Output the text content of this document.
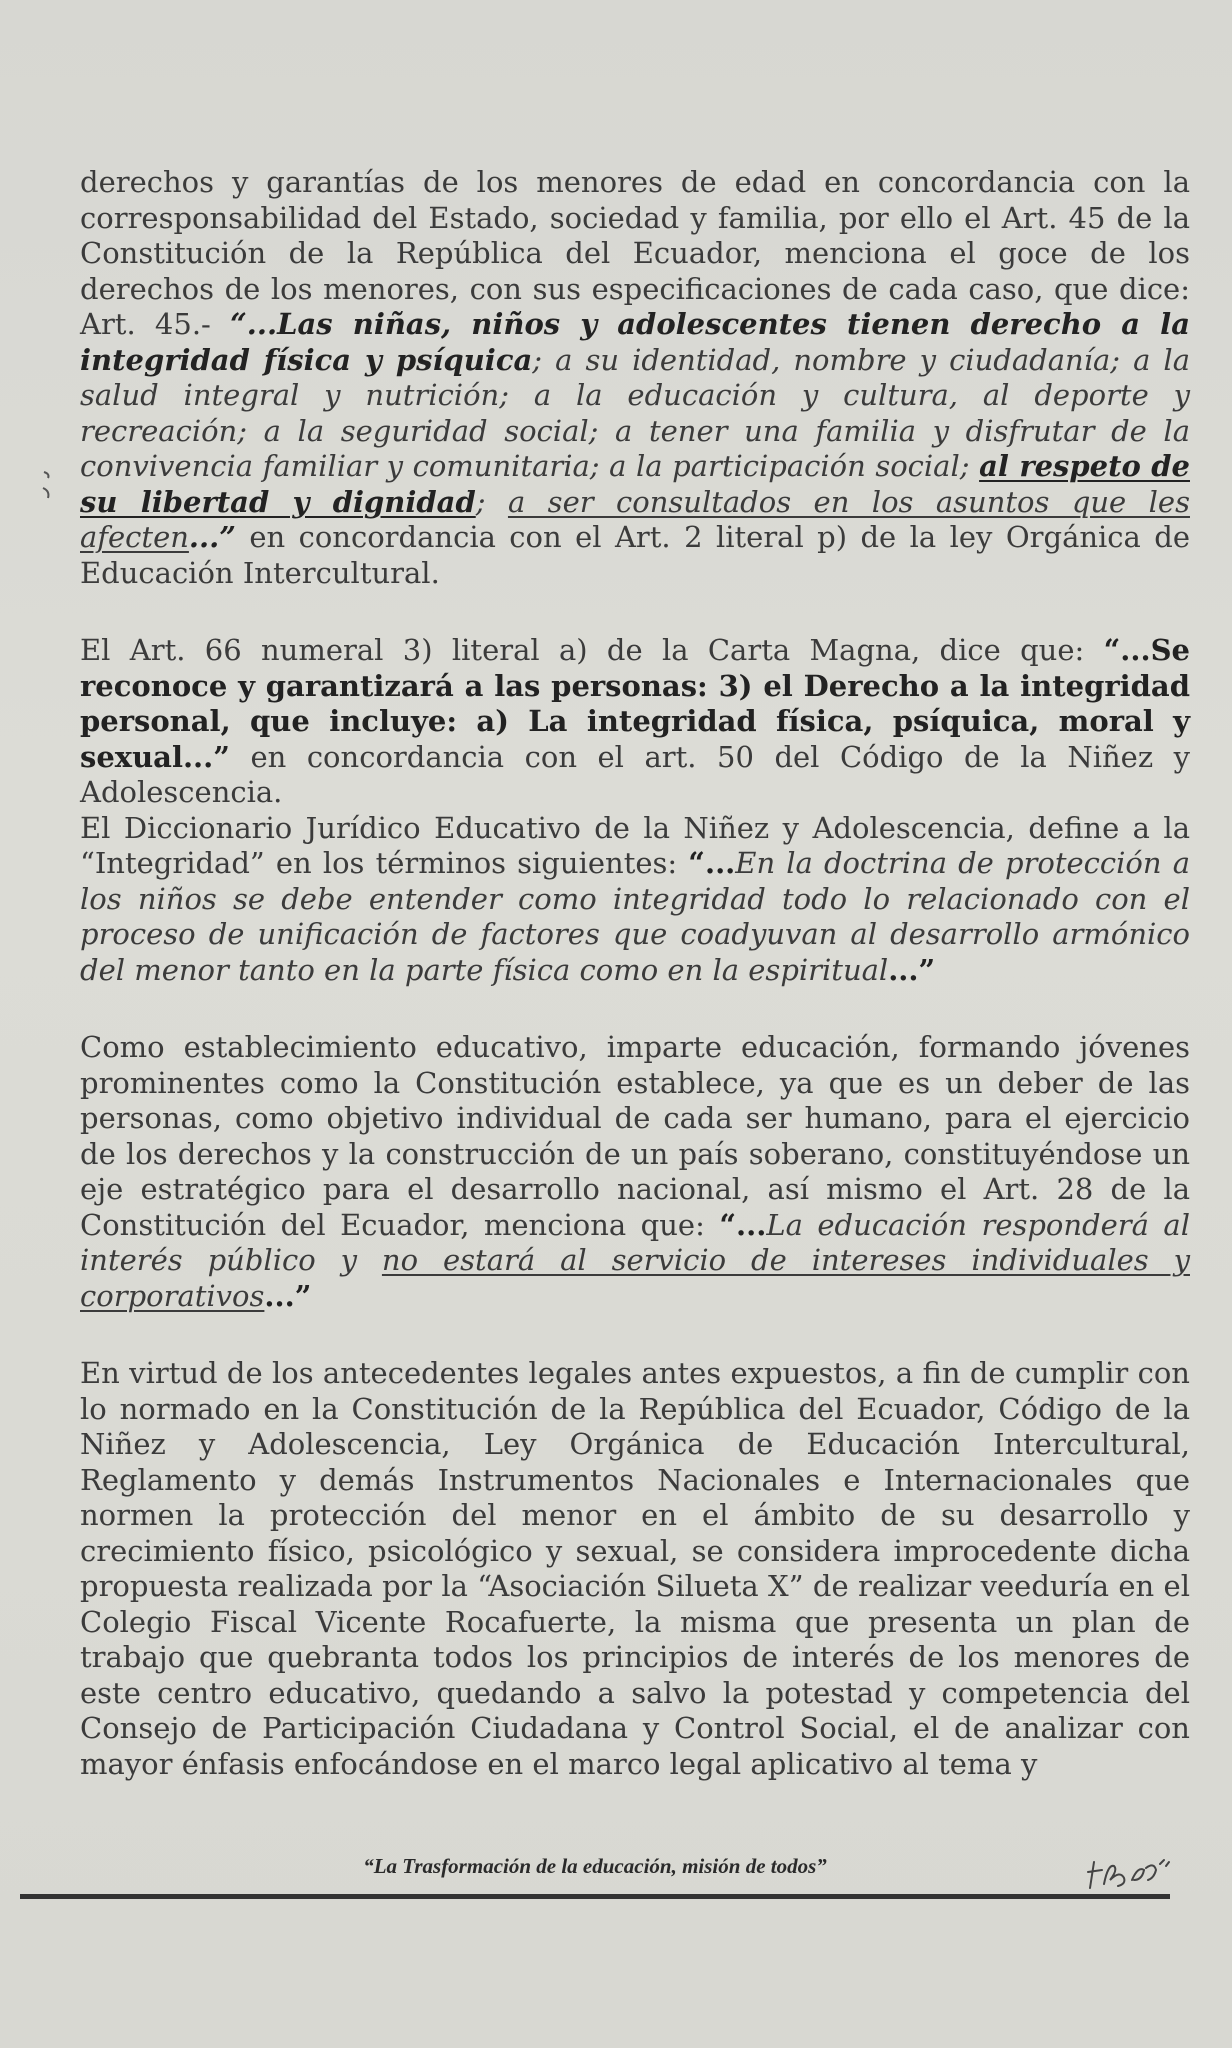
derechos y garantías de los menores de edad en concordancia con la corresponsabilidad del Estado, sociedad y familia, por ello el Art. 45 de la Constitución de la República del Ecuador, menciona el goce de los derechos de los menores, con sus especificaciones de cada caso, que dice: Art. 45.- “...Las niñas, niños y adolescentes tienen derecho a la integridad física y psíquica; a su identidad, nombre y ciudadanía; a la salud integral y nutrición; a la educación y cultura, al deporte y recreación; a la seguridad social; a tener una familia y disfrutar de la convivencia familiar y comunitaria; a la participación social; al respeto de su libertad y dignidad; a ser consultados en los asuntos que les afecten...” en concordancia con el Art. 2 literal p) de la ley Orgánica de Educación Intercultural.

El Art. 66 numeral 3) literal a) de la Carta Magna, dice que: “...Se reconoce y garantizará a las personas: 3) el Derecho a la integridad personal, que incluye: a) La integridad física, psíquica, moral y sexual...” en concordancia con el art. 50 del Código de la Niñez y Adolescencia.

El Diccionario Jurídico Educativo de la Niñez y Adolescencia, define a la “Integridad” en los términos siguientes: “...En la doctrina de protección a los niños se debe entender como integridad todo lo relacionado con el proceso de unificación de factores que coadyuvan al desarrollo armónico del menor tanto en la parte física como en la espiritual...”

Como establecimiento educativo, imparte educación, formando jóvenes prominentes como la Constitución establece, ya que es un deber de las personas, como objetivo individual de cada ser humano, para el ejercicio de los derechos y la construcción de un país soberano, constituyéndose un eje estratégico para el desarrollo nacional, así mismo el Art. 28 de la Constitución del Ecuador, menciona que: “...La educación responderá al interés público y no estará al servicio de intereses individuales y corporativos...”

En virtud de los antecedentes legales antes expuestos, a fin de cumplir con lo normado en la Constitución de la República del Ecuador, Código de la Niñez y Adolescencia, Ley Orgánica de Educación Intercultural, Reglamento y demás Instrumentos Nacionales e Internacionales que normen la protección del menor en el ámbito de su desarrollo y crecimiento físico, psicológico y sexual, se considera improcedente dicha propuesta realizada por la “Asociación Silueta X” de realizar veeduría en el Colegio Fiscal Vicente Rocafuerte, la misma que presenta un plan de trabajo que quebranta todos los principios de interés de los menores de este centro educativo, quedando a salvo la potestad y competencia del Consejo de Participación Ciudadana y Control Social, el de analizar con mayor énfasis enfocándose en el marco legal aplicativo al tema y

“La Trasformación de la educación, misión de todos”
